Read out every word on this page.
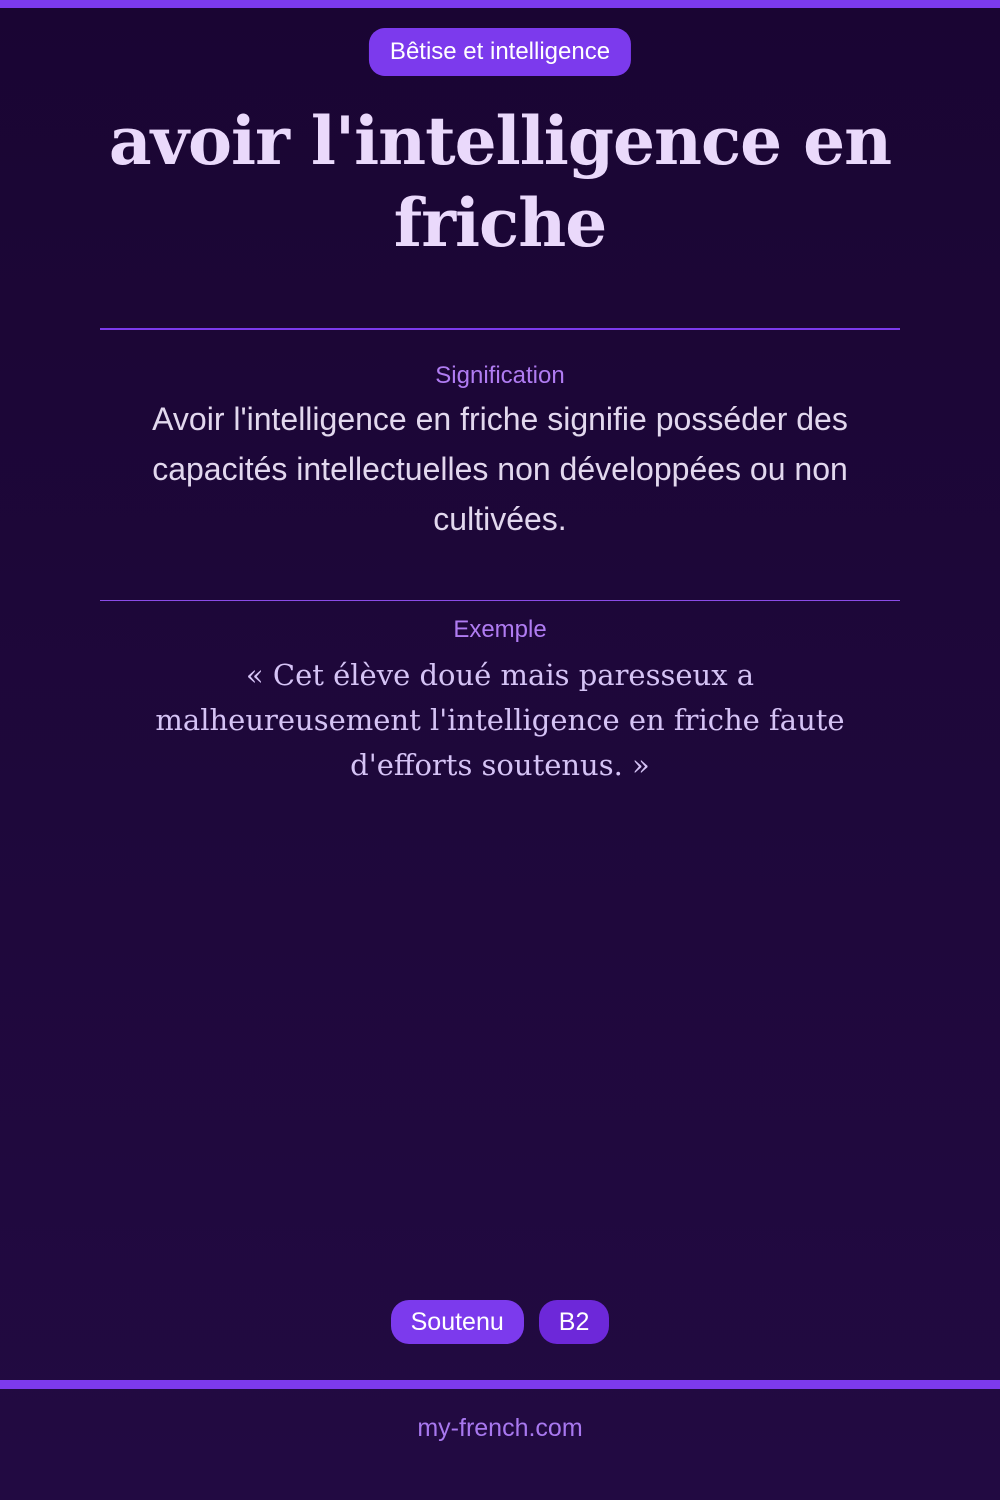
Bêtise et intelligence
avoir l'intelligence en friche
Signification

Avoir l'intelligence en friche signifie posséder des capacités intellectuelles non développées ou non cultivées.

Exemple

« Cet élève doué mais paresseux a malheureusement l'intelligence en friche faute d'efforts soutenus. »

Soutenu	B2
my-french.com
